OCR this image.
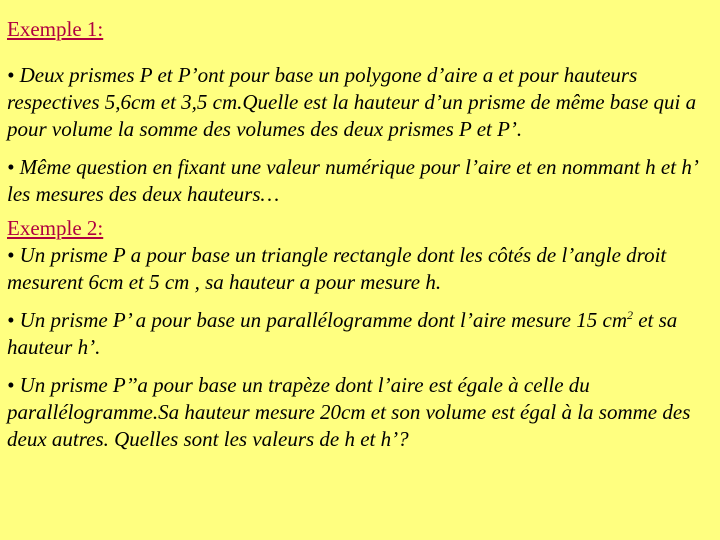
Exemple 1:

• Deux prismes P et P’ont pour base un polygone d’aire a et pour hauteurs respectives 5,6cm et 3,5 cm.Quelle est la hauteur d’un prisme de même base qui a pour volume la somme des volumes des deux prismes P et P’.

• Même question en fixant une valeur numérique pour l’aire et en nommant h et h’ les mesures des deux hauteurs…

Exemple 2:

• Un prisme P a pour base un triangle rectangle dont les côtés de l’angle droit mesurent 6cm et 5 cm , sa hauteur a pour mesure h.

• Un prisme P’ a pour base un parallélogramme dont l’aire mesure 15 $cm^2$ et sa hauteur h’.

• Un prisme P’’a pour base un trapèze dont l’aire est égale à celle du parallélogramme.Sa hauteur mesure 20cm et son volume est égal à la somme des deux autres. Quelles sont les valeurs de h et h’?
